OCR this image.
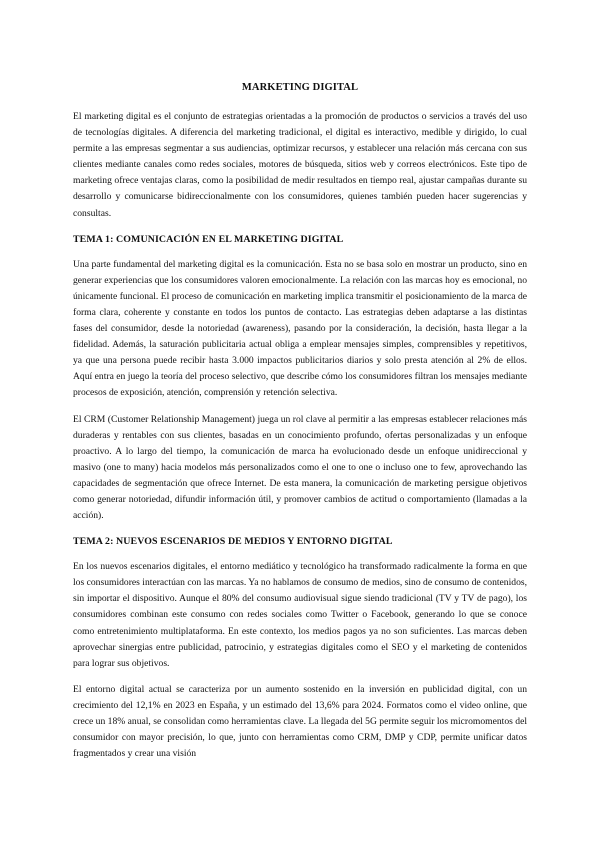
MARKETING DIGITAL

El marketing digital es el conjunto de estrategias orientadas a la promoción de productos o servicios a través del uso de tecnologías digitales. A diferencia del marketing tradicional, el digital es interactivo, medible y dirigido, lo cual permite a las empresas segmentar a sus audiencias, optimizar recursos, y establecer una relación más cercana con sus clientes mediante canales como redes sociales, motores de búsqueda, sitios web y correos electrónicos. Este tipo de marketing ofrece ventajas claras, como la posibilidad de medir resultados en tiempo real, ajustar campañas durante su desarrollo y comunicarse bidireccionalmente con los consumidores, quienes también pueden hacer sugerencias y consultas.

TEMA 1: COMUNICACIÓN EN EL MARKETING DIGITAL

Una parte fundamental del marketing digital es la comunicación. Esta no se basa solo en mostrar un producto, sino en generar experiencias que los consumidores valoren emocionalmente. La relación con las marcas hoy es emocional, no únicamente funcional. El proceso de comunicación en marketing implica transmitir el posicionamiento de la marca de forma clara, coherente y constante en todos los puntos de contacto. Las estrategias deben adaptarse a las distintas fases del consumidor, desde la notoriedad (awareness), pasando por la consideración, la decisión, hasta llegar a la fidelidad. Además, la saturación publicitaria actual obliga a emplear mensajes simples, comprensibles y repetitivos, ya que una persona puede recibir hasta 3.000 impactos publicitarios diarios y solo presta atención al 2% de ellos. Aquí entra en juego la teoría del proceso selectivo, que describe cómo los consumidores filtran los mensajes mediante procesos de exposición, atención, comprensión y retención selectiva.

El CRM (Customer Relationship Management) juega un rol clave al permitir a las empresas establecer relaciones más duraderas y rentables con sus clientes, basadas en un conocimiento profundo, ofertas personalizadas y un enfoque proactivo. A lo largo del tiempo, la comunicación de marca ha evolucionado desde un enfoque unidireccional y masivo (one to many) hacia modelos más personalizados como el one to one o incluso one to few, aprovechando las capacidades de segmentación que ofrece Internet. De esta manera, la comunicación de marketing persigue objetivos como generar notoriedad, difundir información útil, y promover cambios de actitud o comportamiento (llamadas a la acción).

TEMA 2: NUEVOS ESCENARIOS DE MEDIOS Y ENTORNO DIGITAL

En los nuevos escenarios digitales, el entorno mediático y tecnológico ha transformado radicalmente la forma en que los consumidores interactúan con las marcas. Ya no hablamos de consumo de medios, sino de consumo de contenidos, sin importar el dispositivo. Aunque el 80% del consumo audiovisual sigue siendo tradicional (TV y TV de pago), los consumidores combinan este consumo con redes sociales como Twitter o Facebook, generando lo que se conoce como entretenimiento multiplataforma. En este contexto, los medios pagos ya no son suficientes. Las marcas deben aprovechar sinergias entre publicidad, patrocinio, y estrategias digitales como el SEO y el marketing de contenidos para lograr sus objetivos.

El entorno digital actual se caracteriza por un aumento sostenido en la inversión en publicidad digital, con un crecimiento del 12,1% en 2023 en España, y un estimado del 13,6% para 2024. Formatos como el video online, que crece un 18% anual, se consolidan como herramientas clave. La llegada del 5G permite seguir los micromomentos del consumidor con mayor precisión, lo que, junto con herramientas como CRM, DMP y CDP, permite unificar datos fragmentados y crear una visión
